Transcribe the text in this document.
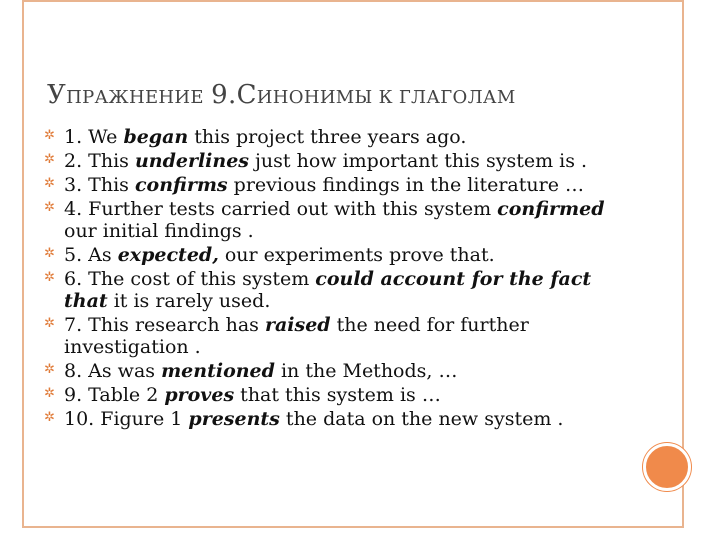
УПРАЖНЕНИЕ 9.СИНОНИМЫ К ГЛАГОЛАМ
✲ 1. We began this project three years ago.
✲ 2. This underlines just how important this system is .
✲ 3. This confirms previous findings in the literature …
✲ 4. Further tests carried out with this system confirmed our initial findings .
✲ 5. As expected, our experiments prove that.
✲ 6. The cost of this system could account for the fact that it is rarely used.
✲ 7. This research has raised the need for further investigation .
✲ 8. As was mentioned in the Methods, …
✲ 9. Table 2 proves that this system is …
✲ 10. Figure 1 presents the data on the new system .
